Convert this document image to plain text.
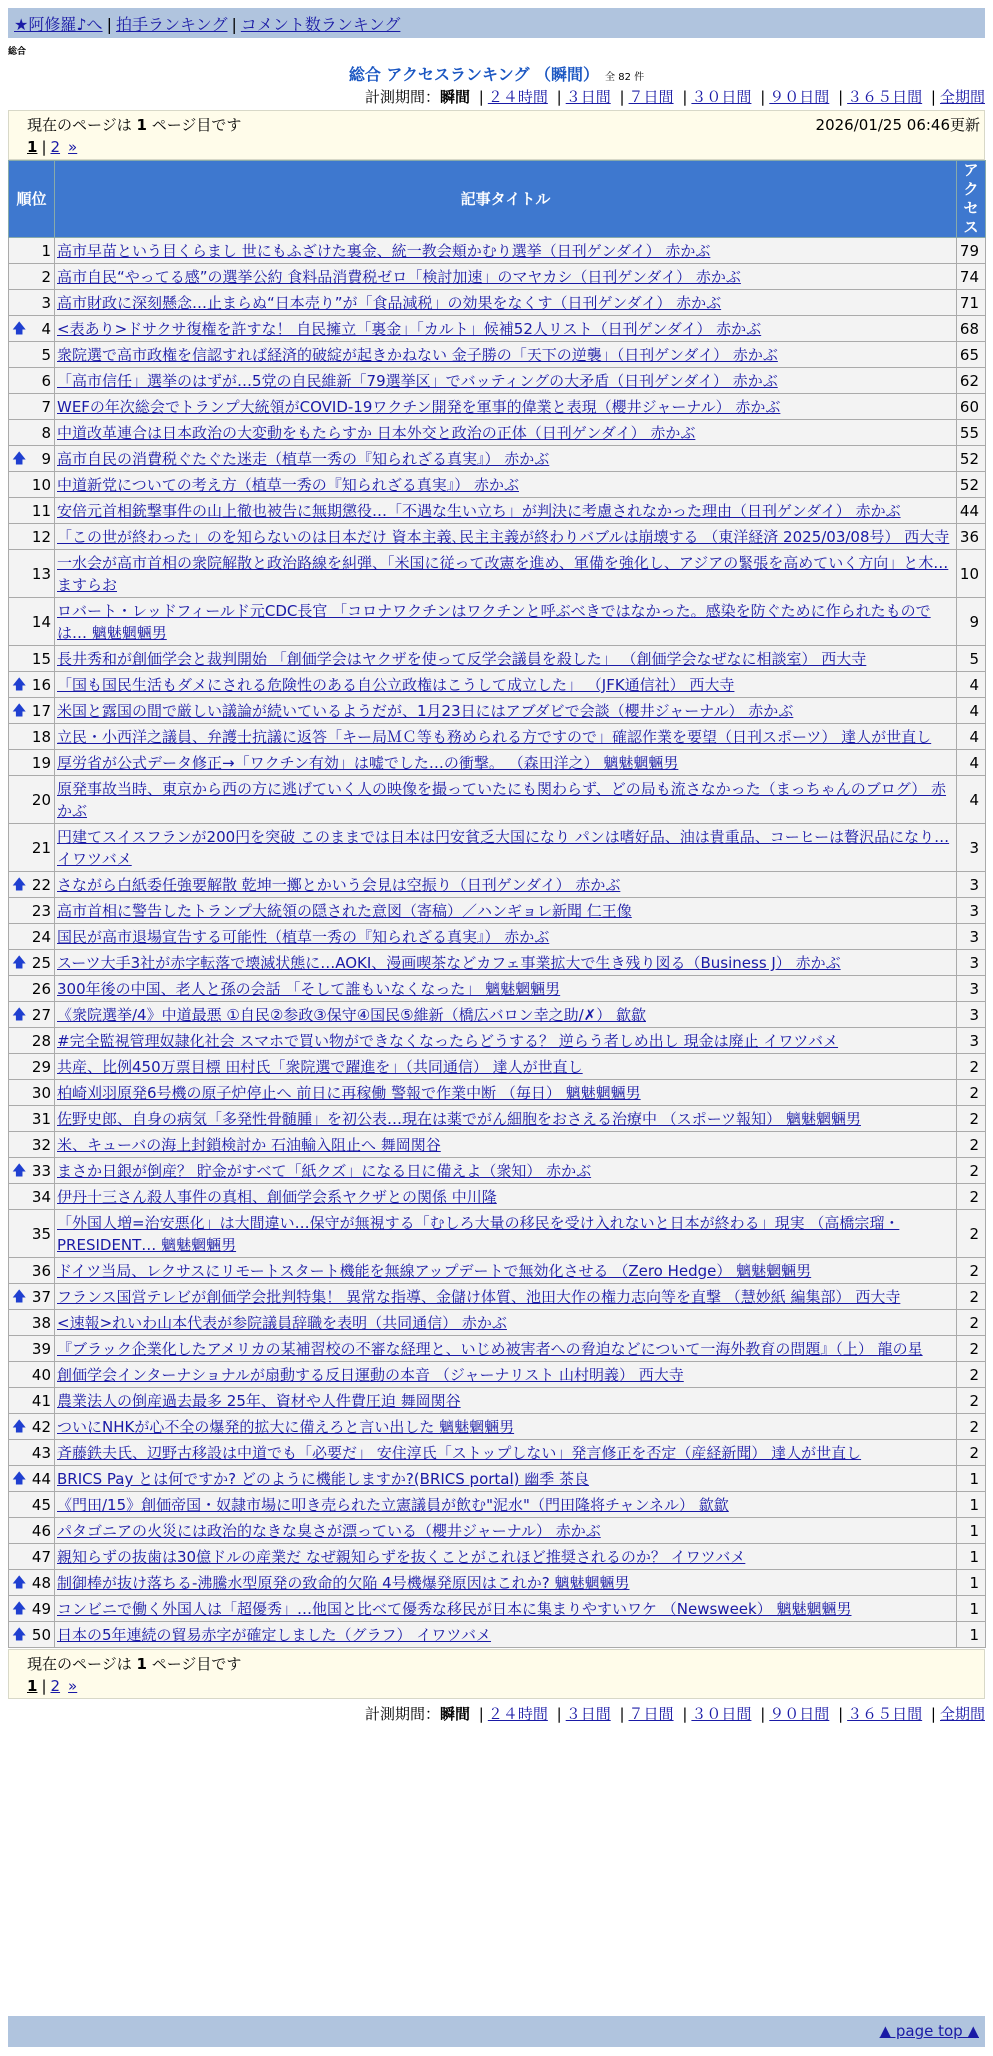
★阿修羅♪へ | 拍手ランキング | コメント数ランキング
総合
総合 アクセスランキング （瞬間） 全 82 件
計測期間：瞬間 | ２４時間 | ３日間 | ７日間 | ３０日間 | ９０日間 | ３６５日間 | 全期間
現在のページは 1 ページ目です	2026/01/25 06:46更新
1 | 2 »
順位	記事タイトル	アクセス
1	高市早苗という目くらまし 世にもふざけた裏金、統一教会頬かむり選挙（日刊ゲンダイ） 赤かぶ	79
2	高市自民“やってる感”の選挙公約 食料品消費税ゼロ「検討加速」のマヤカシ（日刊ゲンダイ） 赤かぶ	74
3	高市財政に深刻懸念…止まらぬ“日本売り”が「食品減税」の効果をなくす（日刊ゲンダイ） 赤かぶ	71

🡅 4	<表あり>ドサクサ復権を許すな！ 自民擁立「裏金」「カルト」候補52人リスト（日刊ゲンダイ） 赤かぶ	68
5	衆院選で高市政権を信認すれば経済的破綻が起きかねない 金子勝の「天下の逆襲」（日刊ゲンダイ） 赤かぶ	65
6	「高市信任」選挙のはずが…5党の自民維新「79選挙区」でバッティングの大矛盾（日刊ゲンダイ） 赤かぶ	62
7	WEFの年次総会でトランプ大統領がCOVID-19ワクチン開発を軍事的偉業と表現（櫻井ジャーナル） 赤かぶ	60
8	中道改革連合は日本政治の大変動をもたらすか 日本外交と政治の正体（日刊ゲンダイ） 赤かぶ	55

🡅 9	高市自民の消費税ぐたぐた迷走（植草一秀の『知られざる真実』） 赤かぶ	52
10	中道新党についての考え方（植草一秀の『知られざる真実』） 赤かぶ	52
11	安倍元首相銃撃事件の山上徹也被告に無期懲役…「不遇な生い立ち」が判決に考慮されなかった理由（日刊ゲンダイ） 赤かぶ	44
12	「この世が終わった」のを知らないのは日本だけ 資本主義､民主主義が終わりバブルは崩壊する （東洋経済 2025/03/08号） 西大寺	36
13	一水会が高市首相の衆院解散と政治路線を糾弾、「米国に従って改憲を進め、軍備を強化し、アジアの緊張を高めていく方向」と木… ますらお	10
14	ロバート・レッドフィールド元CDC長官 「コロナワクチンはワクチンと呼ぶべきではなかった。感染を防ぐために作られたものでは… 魑魅魍魎男	9
15	長井秀和が創価学会と裁判開始 「創価学会はヤクザを使って反学会議員を殺した」 （創価学会なぜなに相談室） 西大寺	5

🡅 16	「国も国民生活もダメにされる危険性のある自公立政権はこうして成立した」 （JFK通信社） 西大寺	4

🡅 17	米国と露国の間で厳しい議論が続いているようだが、1月23日にはアブダビで会談（櫻井ジャーナル） 赤かぶ	4
18	立民・小西洋之議員、弁護士抗議に返答「キー局ＭＣ等も務められる方ですので」確認作業を要望（日刊スポーツ） 達人が世直し	4
19	厚労省が公式データ修正→「ワクチン有効」は嘘でした…の衝撃。 （森田洋之） 魑魅魍魎男	4
20	原発事故当時、東京から西の方に逃げていく人の映像を撮っていたにも関わらず、どの局も流さなかった（まっちゃんのブログ） 赤かぶ	4
21	円建てスイスフランが200円を突破 このままでは日本は円安貧乏大国になり パンは嗜好品、油は貴重品、コーヒーは贅沢品になり… イワツバメ	3

🡅 22	さながら白紙委任強要解散 乾坤一擲とかいう会見は空振り（日刊ゲンダイ） 赤かぶ	3
23	高市首相に警告したトランプ大統領の隠された意図（寄稿）／ハンギョレ新聞 仁王像	3
24	国民が高市退場宣告する可能性（植草一秀の『知られざる真実』） 赤かぶ	3

🡅 25	スーツ大手3社が赤字転落で壊滅状態に…AOKI、漫画喫茶などカフェ事業拡大で生き残り図る（Business J） 赤かぶ	3
26	300年後の中国、老人と孫の会話 「そして誰もいなくなった」 魑魅魍魎男	3

🡅 27	《衆院選挙/4》中道最悪 ①自民②参政③保守④国民⑤維新（橋広バロン幸之助/✗） 歙歙	3
28	#完全監視管理奴隷化社会 スマホで買い物ができなくなったらどうする？ 逆らう者しめ出し 現金は廃止 イワツバメ	3
29	共産、比例450万票目標 田村氏「衆院選で躍進を」（共同通信） 達人が世直し	2
30	柏崎刈羽原発6号機の原子炉停止へ 前日に再稼働 警報で作業中断 （毎日） 魑魅魍魎男	2
31	佐野史郎、自身の病気「多発性骨髄腫」を初公表…現在は薬でがん細胞をおさえる治療中 （スポーツ報知） 魑魅魍魎男	2
32	米、キューバの海上封鎖検討か 石油輸入阻止へ 舞岡関谷	2

🡅 33	まさか日銀が倒産？ 貯金がすべて「紙クズ」になる日に備えよ（衆知） 赤かぶ	2
34	伊丹十三さん殺人事件の真相、創価学会系ヤクザとの関係 中川隆	2
35	「外国人増=治安悪化」は大間違い…保守が無視する「むしろ大量の移民を受け入れないと日本が終わる」現実 （高橋宗瑠・PRESIDENT… 魑魅魍魎男	2
36	ドイツ当局、レクサスにリモートスタート機能を無線アップデートで無効化させる （Zero Hedge） 魑魅魍魎男	2

🡅 37	フランス国営テレビが創価学会批判特集！ 異常な指導、金儲け体質、池田大作の権力志向等を直撃 （慧妙紙 編集部） 西大寺	2
38	<速報>れいわ山本代表が参院議員辞職を表明（共同通信） 赤かぶ	2
39	『ブラック企業化したアメリカの某補習校の不審な経理と、いじめ被害者への脅迫などについて一海外教育の問題』（上） 龍の星	2
40	創価学会インターナショナルが扇動する反日運動の本音 （ジャーナリスト 山村明義） 西大寺	2
41	農業法人の倒産過去最多 25年、資材や人件費圧迫 舞岡関谷	2

🡅 42	ついにNHKが心不全の爆発的拡大に備えろと言い出した 魑魅魍魎男	2
43	斉藤鉄夫氏、辺野古移設は中道でも「必要だ」 安住淳氏「ストップしない」発言修正を否定（産経新聞） 達人が世直し	2

🡅 44	BRICS Pay とは何ですか? どのように機能しますか?(BRICS portal) 幽季 茶良	1
45	《門田/15》創価帝国・奴隷市場に叩き売られた立憲議員が飲む"泥水"（門田隆将チャンネル） 歙歙	1
46	パタゴニアの火災には政治的なきな臭さが漂っている（櫻井ジャーナル） 赤かぶ	1
47	親知らずの抜歯は30億ドルの産業だ なぜ親知らずを抜くことがこれほど推奨されるのか？ イワツバメ	1

🡅 48	制御棒が抜け落ちる-沸騰水型原発の致命的欠陥 4号機爆発原因はこれか? 魑魅魍魎男	1

🡅 49	コンビニで働く外国人は「超優秀」…他国と比べて優秀な移民が日本に集まりやすいワケ （Newsweek） 魑魅魍魎男	1

🡅 50	日本の5年連続の貿易赤字が確定しました（グラフ） イワツバメ	1
現在のページは 1 ページ目です
1 | 2 »
計測期間：瞬間 | ２４時間 | ３日間 | ７日間 | ３０日間 | ９０日間 | ３６５日間 | 全期間
▲ page top ▲
